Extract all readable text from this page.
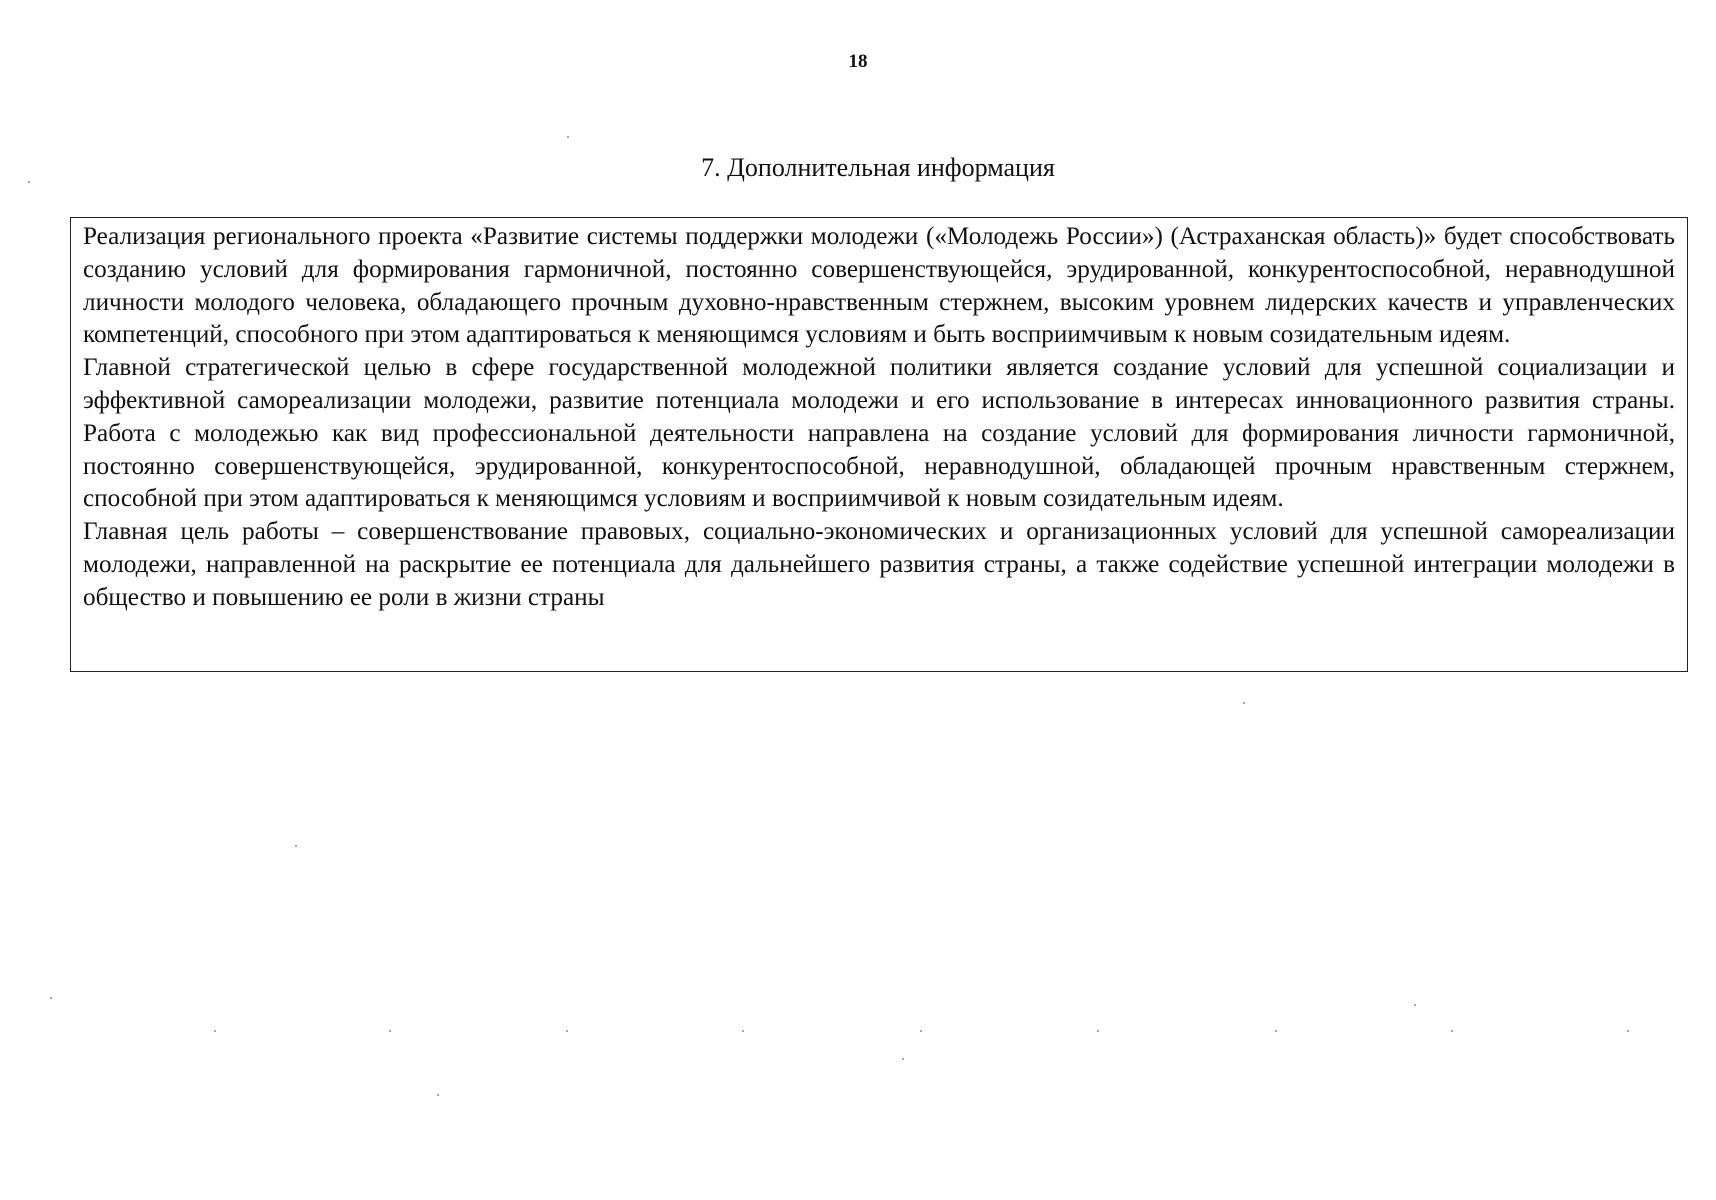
18
7. Дополнительная информация

Реализация регионального проекта «Развитие системы поддержки молодежи («Молодежь России») (Астраханская область)» будет способствовать созданию условий для формирования гармоничной, постоянно совершенствующейся, эрудированной, конкурентоспособной, неравнодушной личности молодого человека, обладающего прочным духовно-нравственным стержнем, высоким уровнем лидерских качеств и управленческих компетенций, способного при этом адаптироваться к меняющимся условиям и быть восприимчивым к новым созидательным идеям.

Главной стратегической целью в сфере государственной молодежной политики является создание условий для успешной социализации и эффективной самореализации молодежи, развитие потенциала молодежи и его использование в интересах инновационного развития страны. Работа с молодежью как вид профессиональной деятельности направлена на создание условий для формирования личности гармоничной, постоянно совершенствующейся, эрудированной, конкурентоспособной, неравнодушной, обладающей прочным нравственным стержнем, способной при этом адаптироваться к меняющимся условиям и восприимчивой к новым созидательным идеям.

Главная цель работы – совершенствование правовых, социально-экономических и организационных условий для успешной самореализации молодежи, направленной на раскрытие ее потенциала для дальнейшего развития страны, а также содействие успешной интеграции молодежи в общество и повышению ее роли в жизни страны
